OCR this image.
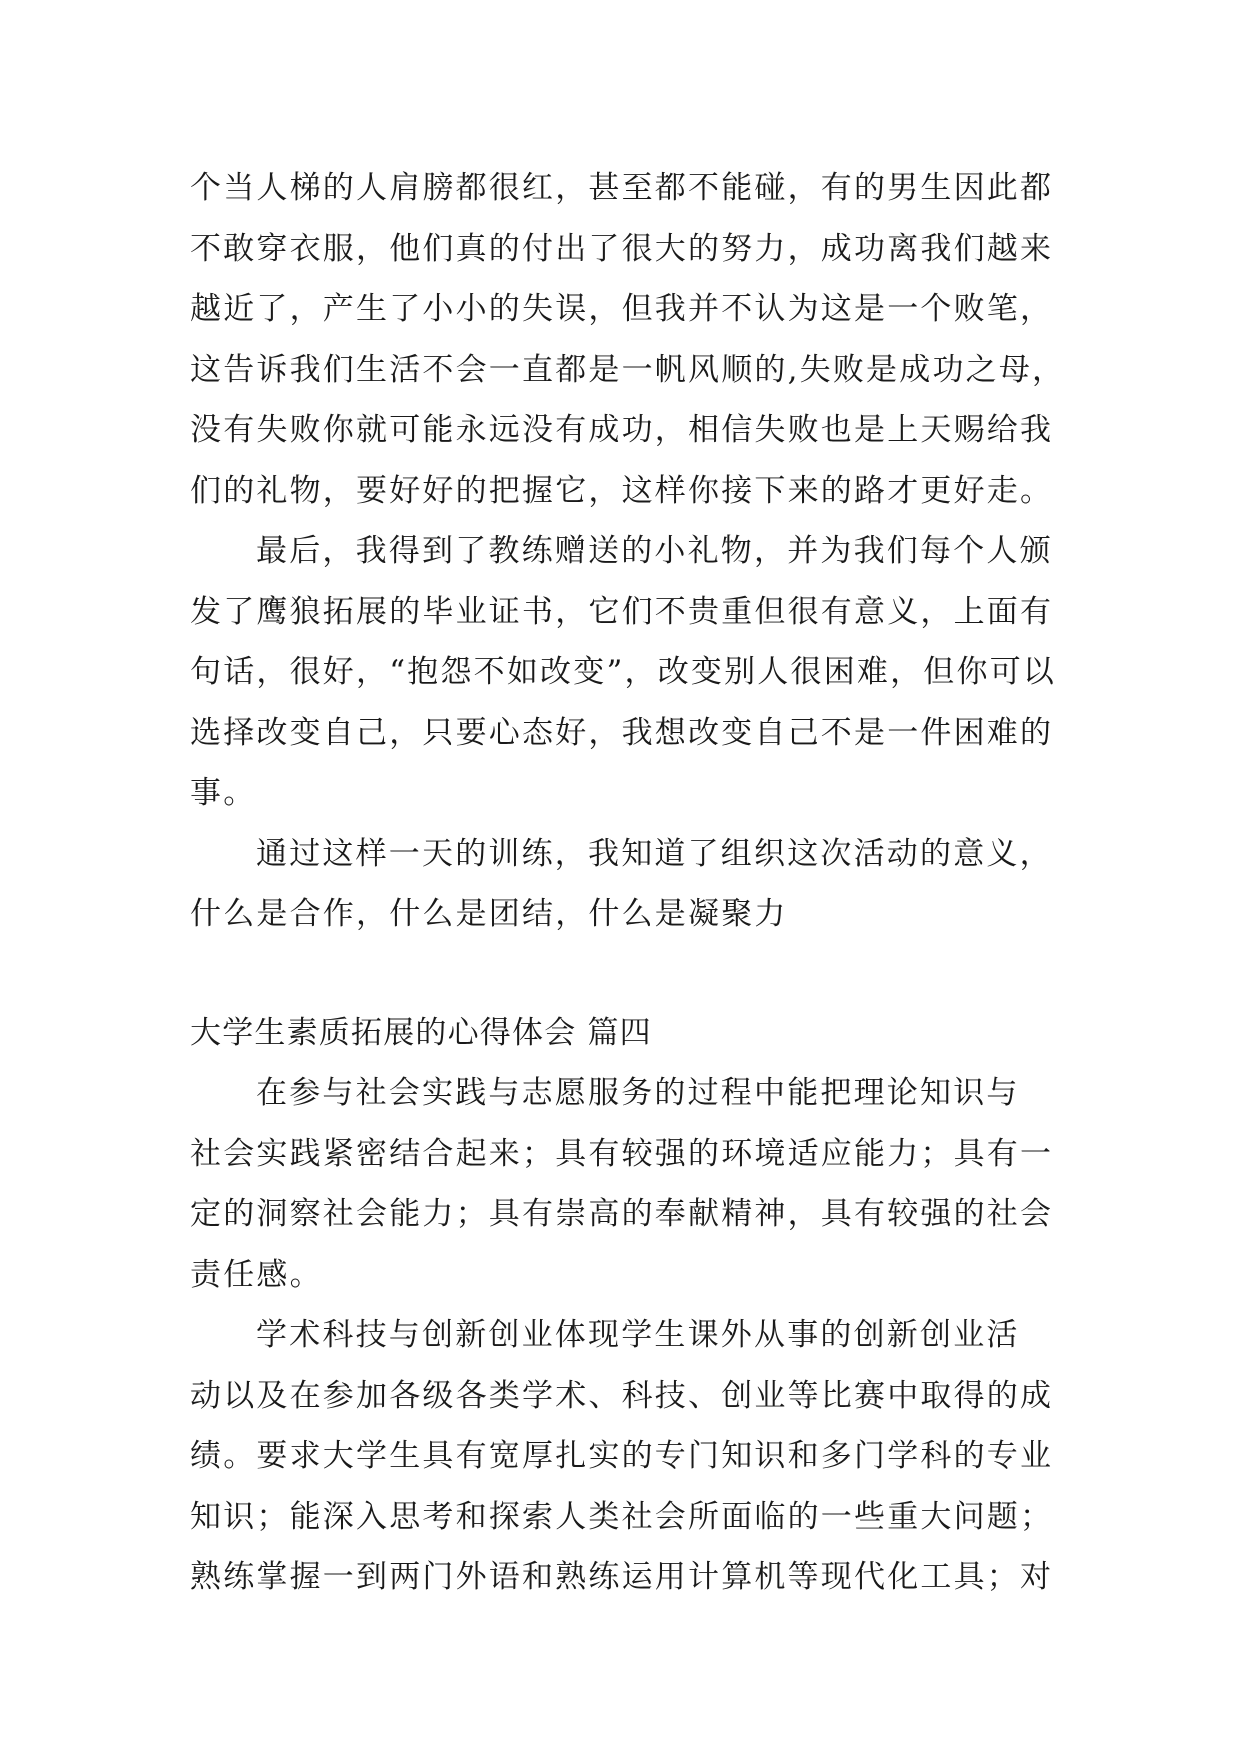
个当人梯的人肩膀都很红，甚至都不能碰，有的男生因此都
不敢穿衣服，他们真的付出了很大的努力，成功离我们越来
越近了，产生了小小的失误，但我并不认为这是一个败笔，
这告诉我们生活不会一直都是一帆风顺的,失败是成功之母，
没有失败你就可能永远没有成功，相信失败也是上天赐给我
们的礼物，要好好的把握它，这样你接下来的路才更好走。
最后，我得到了教练赠送的小礼物，并为我们每个人颁
发了鹰狼拓展的毕业证书，它们不贵重但很有意义，上面有
句话，很好，“抱怨不如改变”，改变别人很困难，但你可以
选择改变自己，只要心态好，我想改变自己不是一件困难的
事。
通过这样一天的训练，我知道了组织这次活动的意义，
什么是合作，什么是团结，什么是凝聚力
大学生素质拓展的心得体会 篇四
在参与社会实践与志愿服务的过程中能把理论知识与
社会实践紧密结合起来；具有较强的环境适应能力；具有一
定的洞察社会能力；具有崇高的奉献精神，具有较强的社会
责任感。
学术科技与创新创业体现学生课外从事的创新创业活
动以及在参加各级各类学术、科技、创业等比赛中取得的成
绩。要求大学生具有宽厚扎实的专门知识和多门学科的专业
知识；能深入思考和探索人类社会所面临的一些重大问题；
熟练掌握一到两门外语和熟练运用计算机等现代化工具；对
